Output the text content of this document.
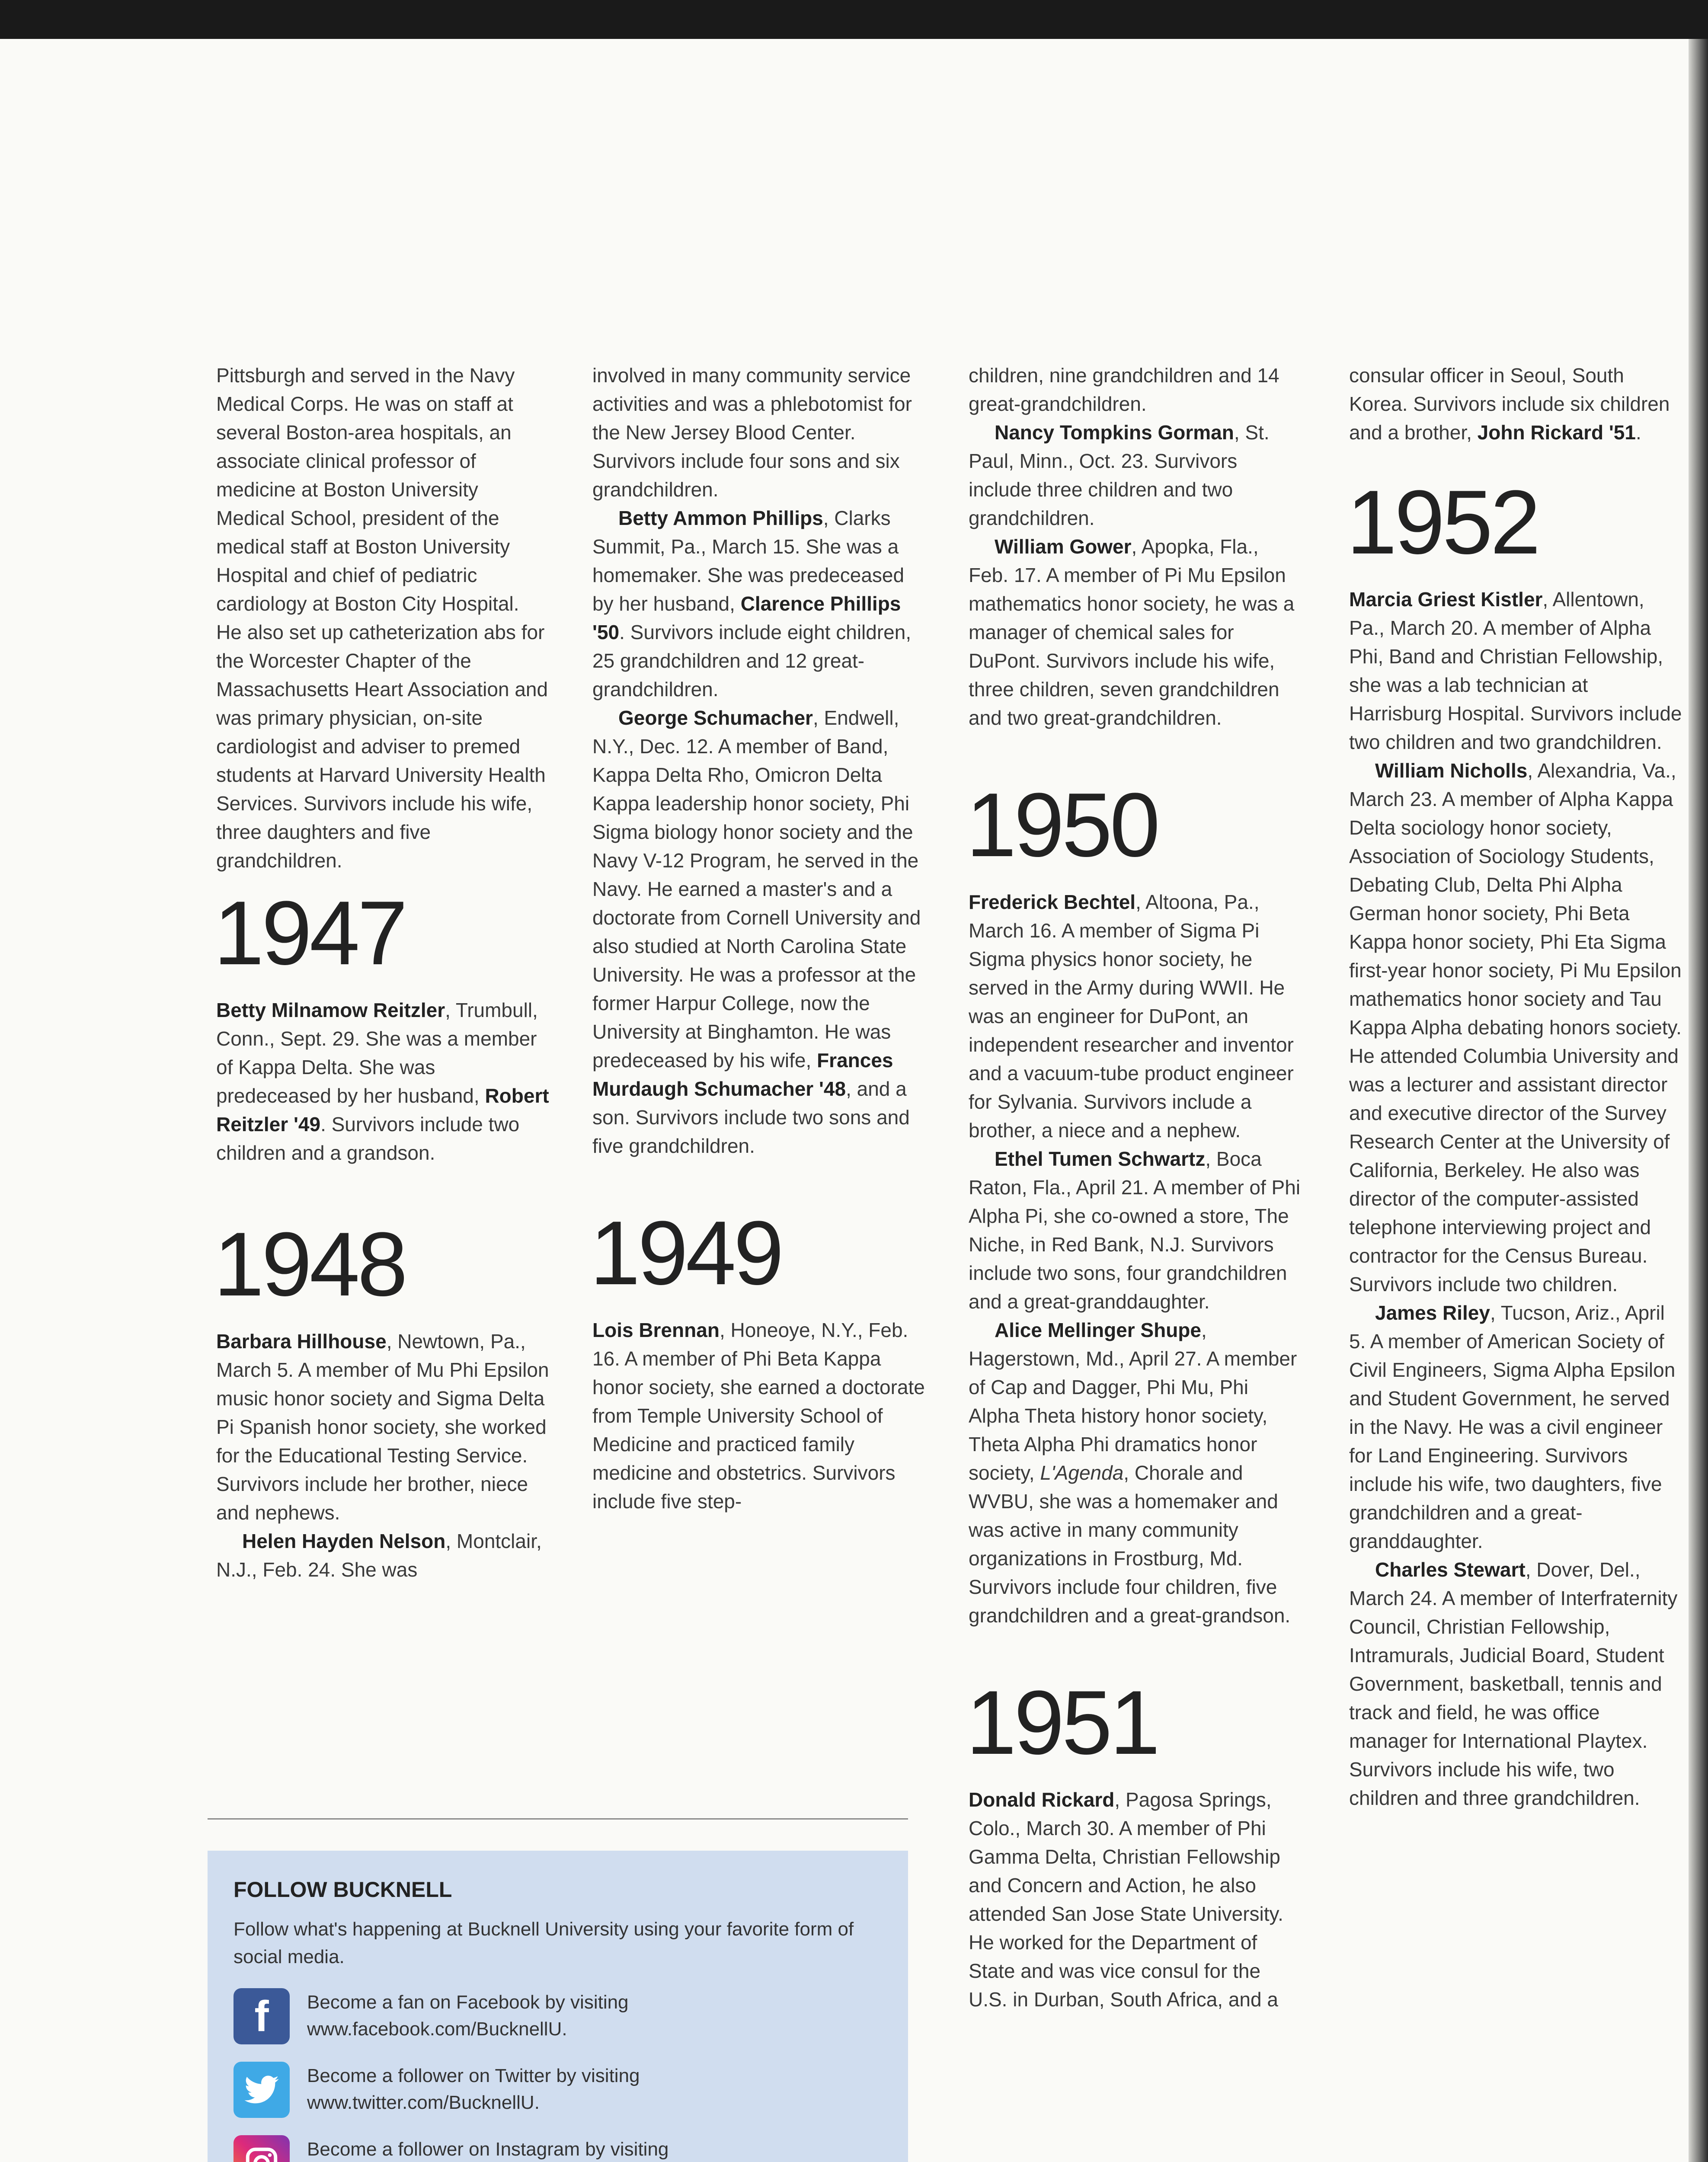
Pittsburgh and served in the Navy Medical Corps. He was on staff at several Boston-area hospitals, an associate clinical professor of medicine at Boston University Medical School, president of the medical staff at Boston University Hospital and chief of pediatric cardiology at Boston City Hospital. He also set up catheterization abs for the Worcester Chapter of the Massachusetts Heart Association and was primary physician, on-site cardiologist and adviser to premed students at Harvard University Health Services. Survivors include his wife, three daughters and five grandchildren.

1947

Betty Milnamow Reitzler, Trumbull, Conn., Sept. 29. She was a member of Kappa Delta. She was predeceased by her husband, Robert Reitzler '49. Survivors include two children and a grandson.

1948

Barbara Hillhouse, Newtown, Pa., March 5. A member of Mu Phi Epsilon music honor society and Sigma Delta Pi Spanish honor society, she worked for the Educational Testing Service. Survivors include her brother, niece and nephews.

Helen Hayden Nelson, Montclair, N.J., Feb. 24. She was

involved in many community service activities and was a phlebotomist for the New Jersey Blood Center. Survivors include four sons and six grandchildren.

Betty Ammon Phillips, Clarks Summit, Pa., March 15. She was a homemaker. She was predeceased by her husband, Clarence Phillips '50. Survivors include eight children, 25 grandchildren and 12 great-grandchildren.

George Schumacher, Endwell, N.Y., Dec. 12. A member of Band, Kappa Delta Rho, Omicron Delta Kappa leadership honor society, Phi Sigma biology honor society and the Navy V-12 Program, he served in the Navy. He earned a master's and a doctorate from Cornell University and also studied at North Carolina State University. He was a professor at the former Harpur College, now the University at Binghamton. He was predeceased by his wife, Frances Murdaugh Schumacher '48, and a son. Survivors include two sons and five grandchildren.

1949

Lois Brennan, Honeoye, N.Y., Feb. 16. A member of Phi Beta Kappa honor society, she earned a doctorate from Temple University School of Medicine and practiced family medicine and obstetrics. Survivors include five step-

children, nine grandchildren and 14 great-grandchildren.

Nancy Tompkins Gorman, St. Paul, Minn., Oct. 23. Survivors include three children and two grandchildren.

William Gower, Apopka, Fla., Feb. 17. A member of Pi Mu Epsilon mathematics honor society, he was a manager of chemical sales for DuPont. Survivors include his wife, three children, seven grandchildren and two great-grandchildren.

1950

Frederick Bechtel, Altoona, Pa., March 16. A member of Sigma Pi Sigma physics honor society, he served in the Army during WWII. He was an engineer for DuPont, an independent researcher and inventor and a vacuum-tube product engineer for Sylvania. Survivors include a brother, a niece and a nephew.

Ethel Tumen Schwartz, Boca Raton, Fla., April 21. A member of Phi Alpha Pi, she co-owned a store, The Niche, in Red Bank, N.J. Survivors include two sons, four grandchildren and a great-granddaughter.

Alice Mellinger Shupe, Hagerstown, Md., April 27. A member of Cap and Dagger, Phi Mu, Phi Alpha Theta history honor society, Theta Alpha Phi dramatics honor society, L'Agenda, Chorale and WVBU, she was a homemaker and was active in many community organizations in Frostburg, Md. Survivors include four children, five grandchildren and a great-grandson.

1951

Donald Rickard, Pagosa Springs, Colo., March 30. A member of Phi Gamma Delta, Christian Fellowship and Concern and Action, he also attended San Jose State University. He worked for the Department of State and was vice consul for the U.S. in Durban, South Africa, and a

consular officer in Seoul, South Korea. Survivors include six children and a brother, John Rickard '51.

1952

Marcia Griest Kistler, Allentown, Pa., March 20. A member of Alpha Phi, Band and Christian Fellowship, she was a lab technician at Harrisburg Hospital. Survivors include two children and two grandchildren.

William Nicholls, Alexandria, Va., March 23. A member of Alpha Kappa Delta sociology honor society, Association of Sociology Students, Debating Club, Delta Phi Alpha German honor society, Phi Beta Kappa honor society, Phi Eta Sigma first-year honor society, Pi Mu Epsilon mathematics honor society and Tau Kappa Alpha debating honors society. He attended Columbia University and was a lecturer and assistant director and executive director of the Survey Research Center at the University of California, Berkeley. He also was director of the computer-assisted telephone interviewing project and contractor for the Census Bureau. Survivors include two children.

James Riley, Tucson, Ariz., April 5. A member of American Society of Civil Engineers, Sigma Alpha Epsilon and Student Government, he served in the Navy. He was a civil engineer for Land Engineering. Survivors include his wife, two daughters, five grandchildren and a great-granddaughter.

Charles Stewart, Dover, Del., March 24. A member of Interfraternity Council, Christian Fellowship, Intramurals, Judicial Board, Student Government, basketball, tennis and track and field, he was office manager for International Playtex. Survivors include his wife, two children and three grandchildren.

FOLLOW BUCKNELL

Follow what's happening at Bucknell University using your favorite form of social media.

f	Become a fan on Facebook by visiting www.facebook.com/BucknellU.
Become a follower on Twitter by visiting www.twitter.com/BucknellU.
Become a follower on Instagram by visiting
